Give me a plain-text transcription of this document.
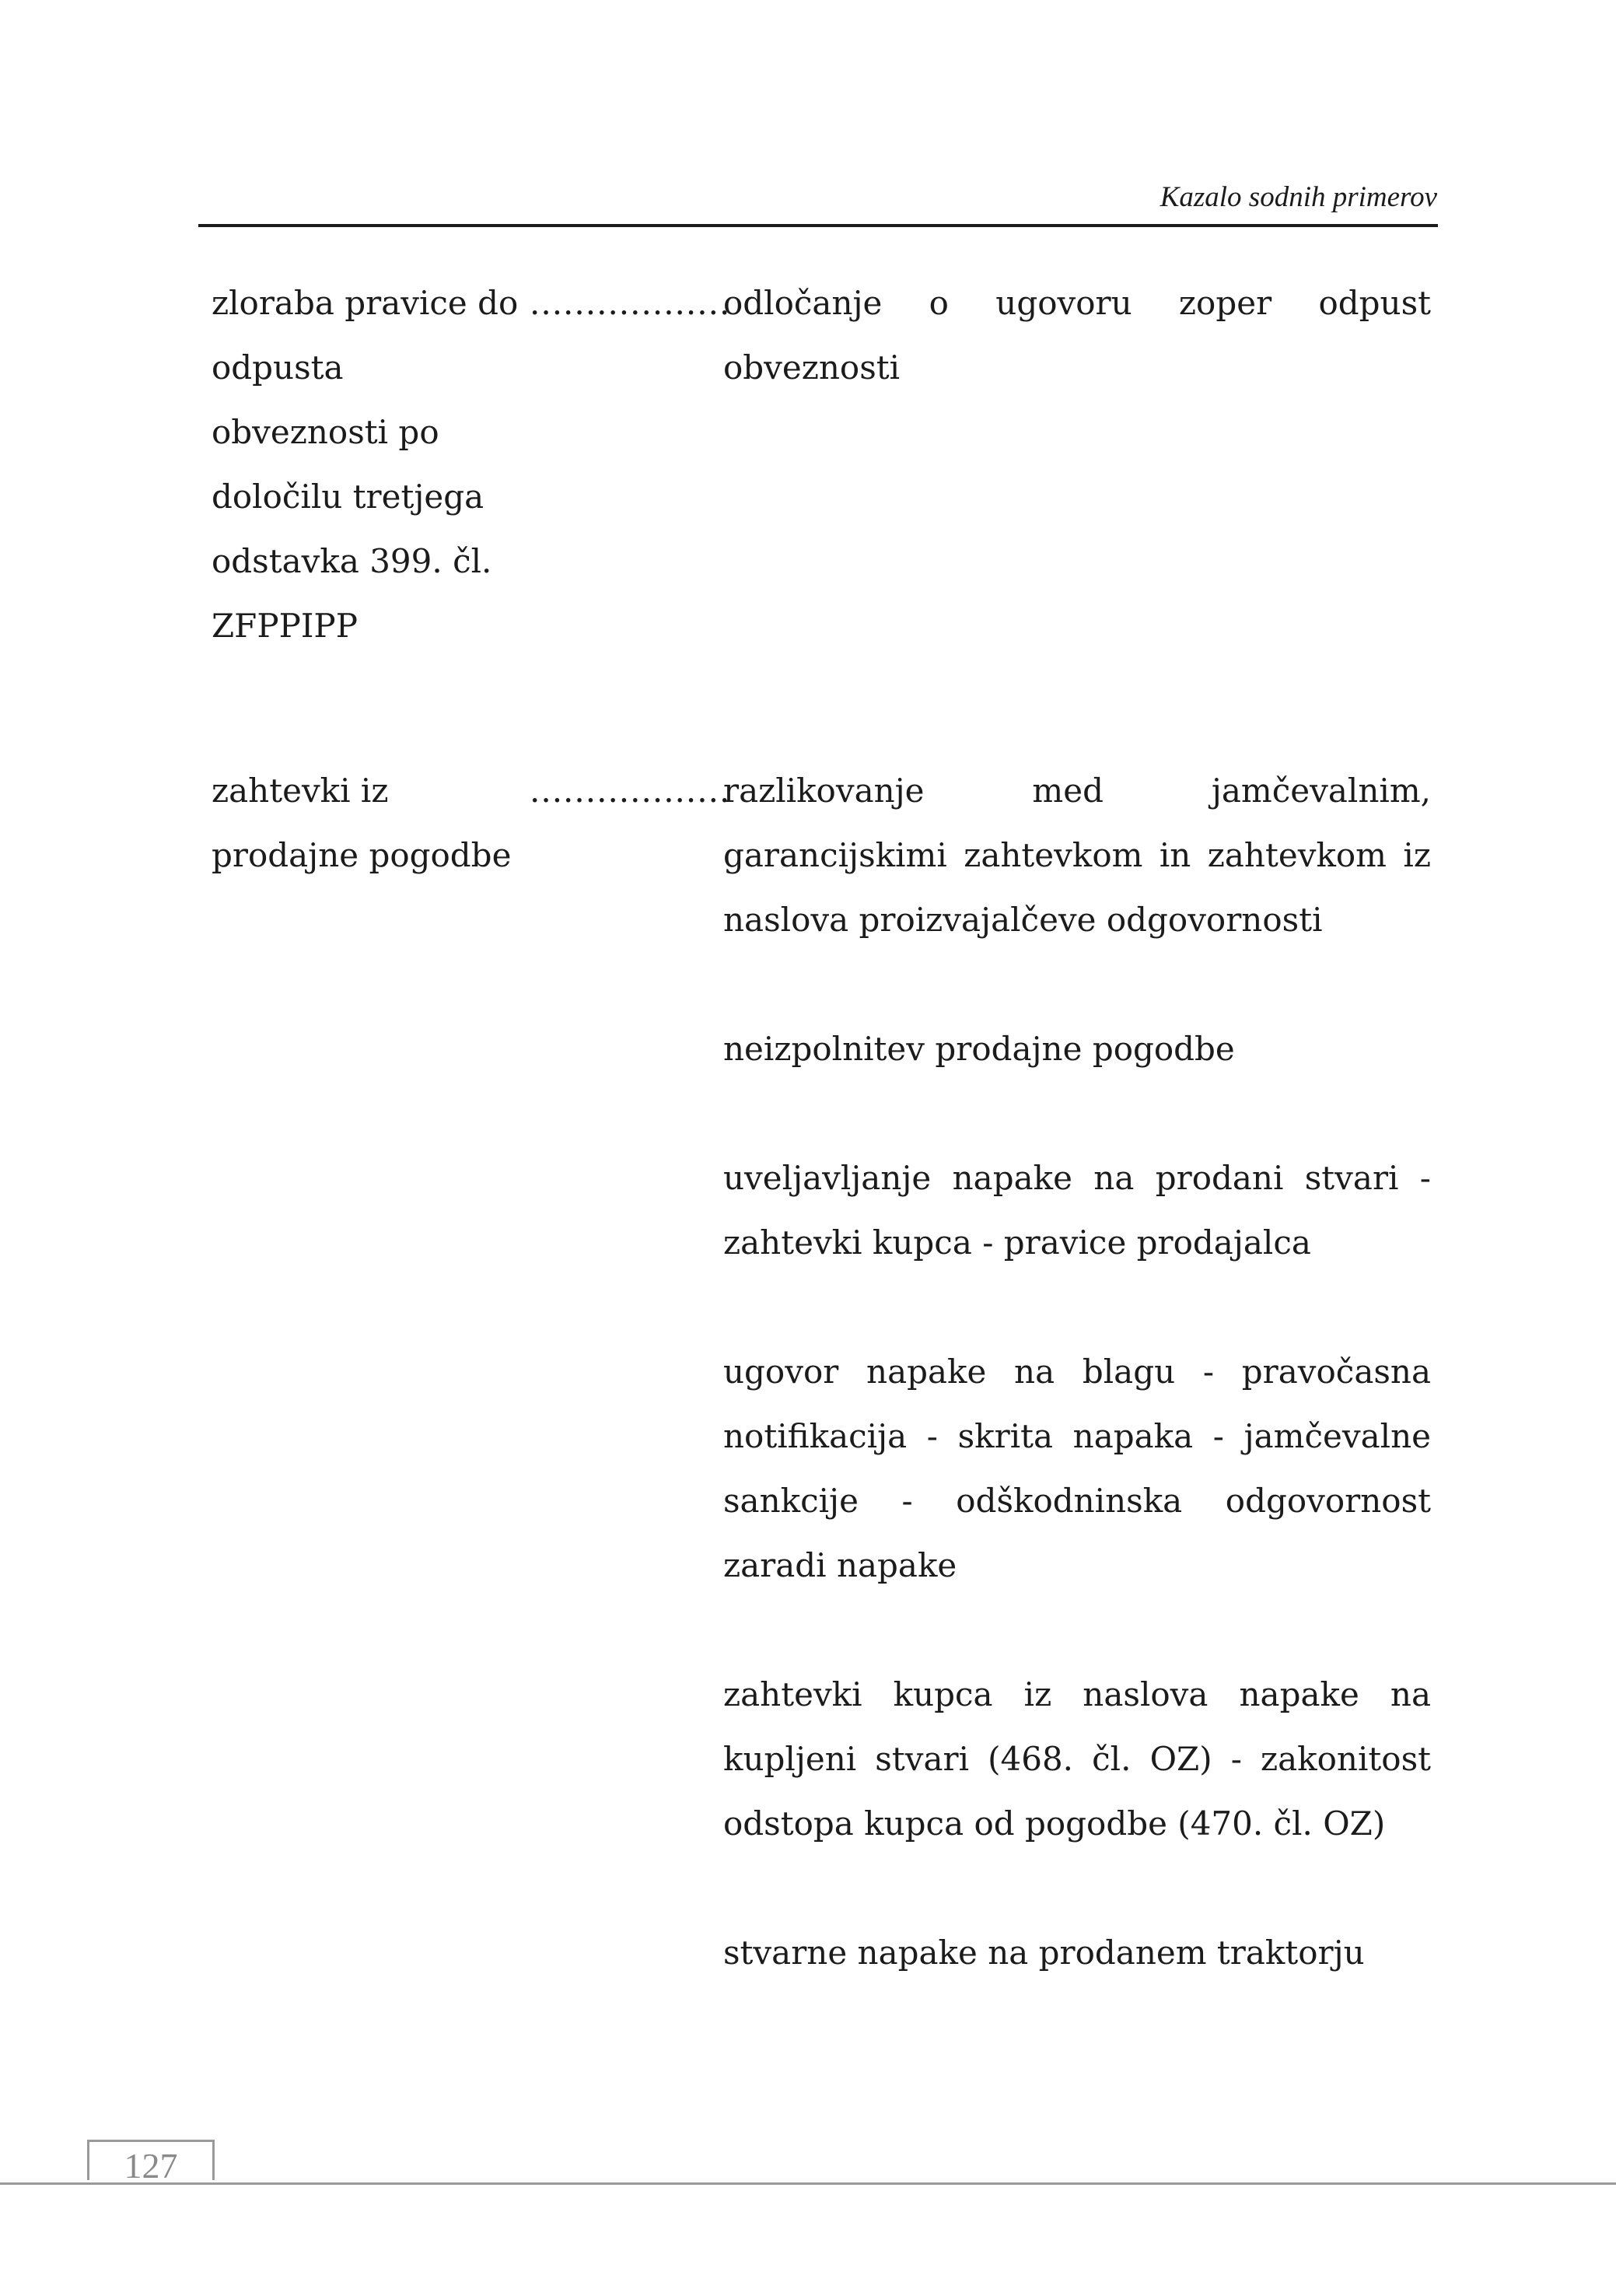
Kazalo sodnih primerov

zloraba pravice do odpusta obveznosti po določilu tretjega odstavka 399. čl. ZFPPIPP

..................

odločanje o ugovoru zoper odpust obveznosti

zahtevki iz prodajne pogodbe

..................

razlikovanje med jamčevalnim, garancijskimi zahtevkom in zahtevkom iz naslova proizvajalčeve odgovornosti

neizpolnitev prodajne pogodbe

uveljavljanje napake na prodani stvari - zahtevki kupca - pravice prodajalca

ugovor napake na blagu - pravočasna notifikacija - skrita napaka - jamčevalne sankcije - odškodninska odgovornost zaradi napake

zahtevki kupca iz naslova napake na kupljeni stvari (468. čl. OZ) - zakonitost odstopa kupca od pogodbe (470. čl. OZ)

stvarne napake na prodanem traktorju

127
